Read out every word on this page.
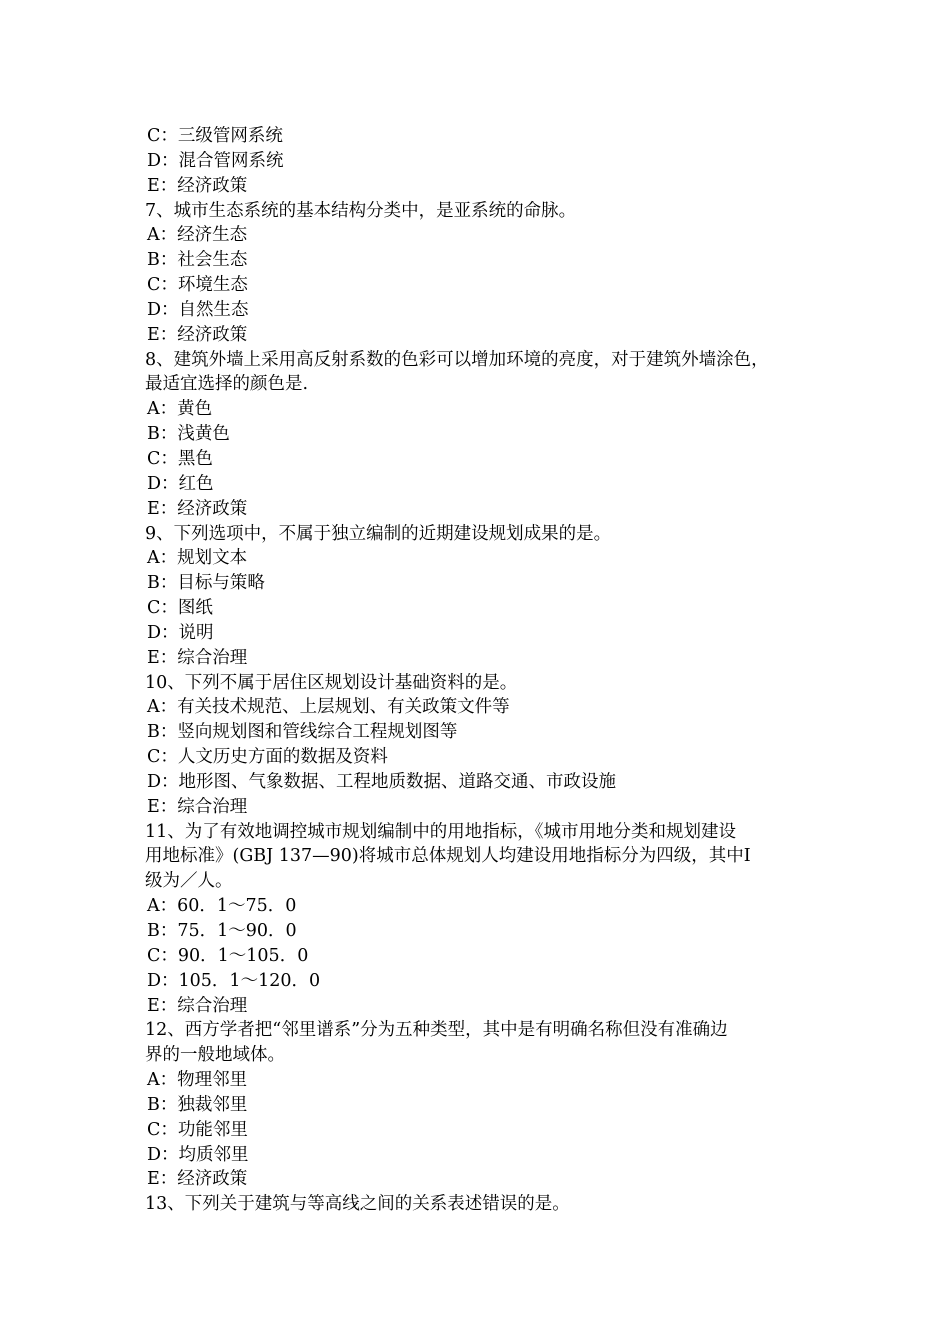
C：三级管网系统
D：混合管网系统
E：经济政策
7、城市生态系统的基本结构分类中，是亚系统的命脉。
A：经济生态
B：社会生态
C：环境生态
D：自然生态
E：经济政策
8、建筑外墙上采用高反射系数的色彩可以增加环境的亮度，对于建筑外墙涂色，
最适宜选择的颜色是.
A：黄色
B：浅黄色
C：黑色
D：红色
E：经济政策
9、下列选项中，不属于独立编制的近期建设规划成果的是。
A：规划文本
B：目标与策略
C：图纸
D：说明
E：综合治理
10、下列不属于居住区规划设计基础资料的是。
A：有关技术规范、上层规划、有关政策文件等
B：竖向规划图和管线综合工程规划图等
C：人文历史方面的数据及资料
D：地形图、气象数据、工程地质数据、道路交通、市政设施
E：综合治理
11、为了有效地调控城市规划编制中的用地指标，《城市用地分类和规划建设
用地标准》(GBJ 137—90)将城市总体规划人均建设用地指标分为四级，其中Ⅰ
级为／人。
A：60．1～75．0
B：75．1～90．0
C：90．1～105．0
D：105．1～120．0
E：综合治理
12、西方学者把“邻里谱系”分为五种类型，其中是有明确名称但没有准确边
界的一般地域体。
A：物理邻里
B：独裁邻里
C：功能邻里
D：均质邻里
E：经济政策
13、下列关于建筑与等高线之间的关系表述错误的是。
